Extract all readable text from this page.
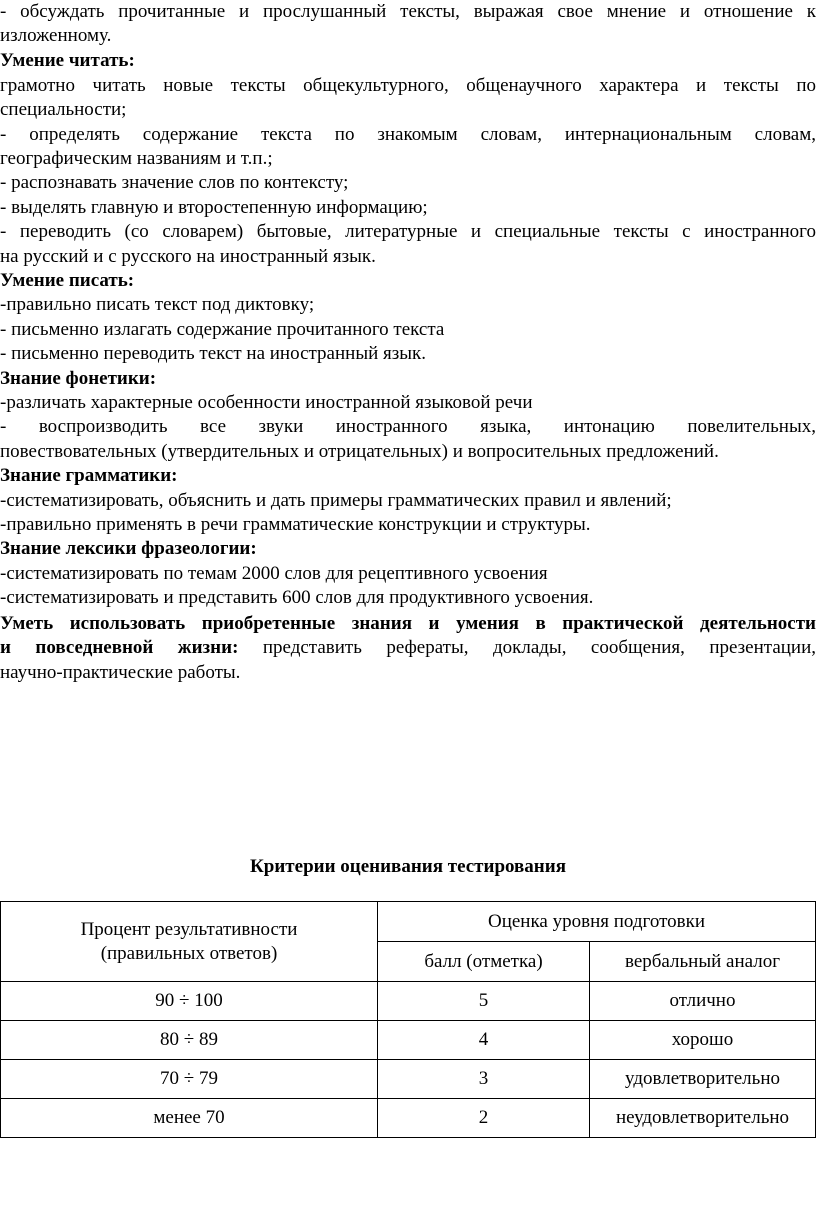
- обсуждать прочитанные и прослушанный тексты, выражая свое мнение и отношение к
изложенному.
Умение читать:
грамотно читать новые тексты общекультурного, общенаучного характера и тексты по
специальности;
- определять содержание текста по знакомым словам, интернациональным словам,
географическим названиям и т.п.;
- распознавать значение слов по контексту;
- выделять главную и второстепенную информацию;
- переводить (со словарем) бытовые, литературные и специальные тексты с иностранного
на русский и с русского на иностранный язык.
Умение писать:
-правильно писать текст под диктовку;
- письменно излагать содержание прочитанного текста
- письменно переводить текст на иностранный язык.
Знание фонетики:
-различать характерные особенности иностранной языковой речи
- воспроизводить все звуки иностранного языка, интонацию повелительных,
повествовательных (утвердительных и отрицательных) и вопросительных предложений.
Знание грамматики:
-систематизировать, объяснить и дать примеры грамматических правил и явлений;
-правильно применять в речи грамматические конструкции и структуры.
Знание лексики фразеологии:
-систематизировать по темам 2000 слов для рецептивного усвоения
-систематизировать и представить 600 слов для продуктивного усвоения.
Уметь использовать приобретенные знания и умения в практической деятельности
и повседневной жизни: представить рефераты, доклады, сообщения, презентации,
научно-практические работы.
Критерии оценивания тестирования
Процент результативности
(правильных ответов)	Оценка уровня подготовки	
	балл (отметка)	вербальный аналог
90 ÷ 100	5	отлично
80 ÷ 89	4	хорошо
70 ÷ 79	3	удовлетворительно
менее 70	2	неудовлетворительно
